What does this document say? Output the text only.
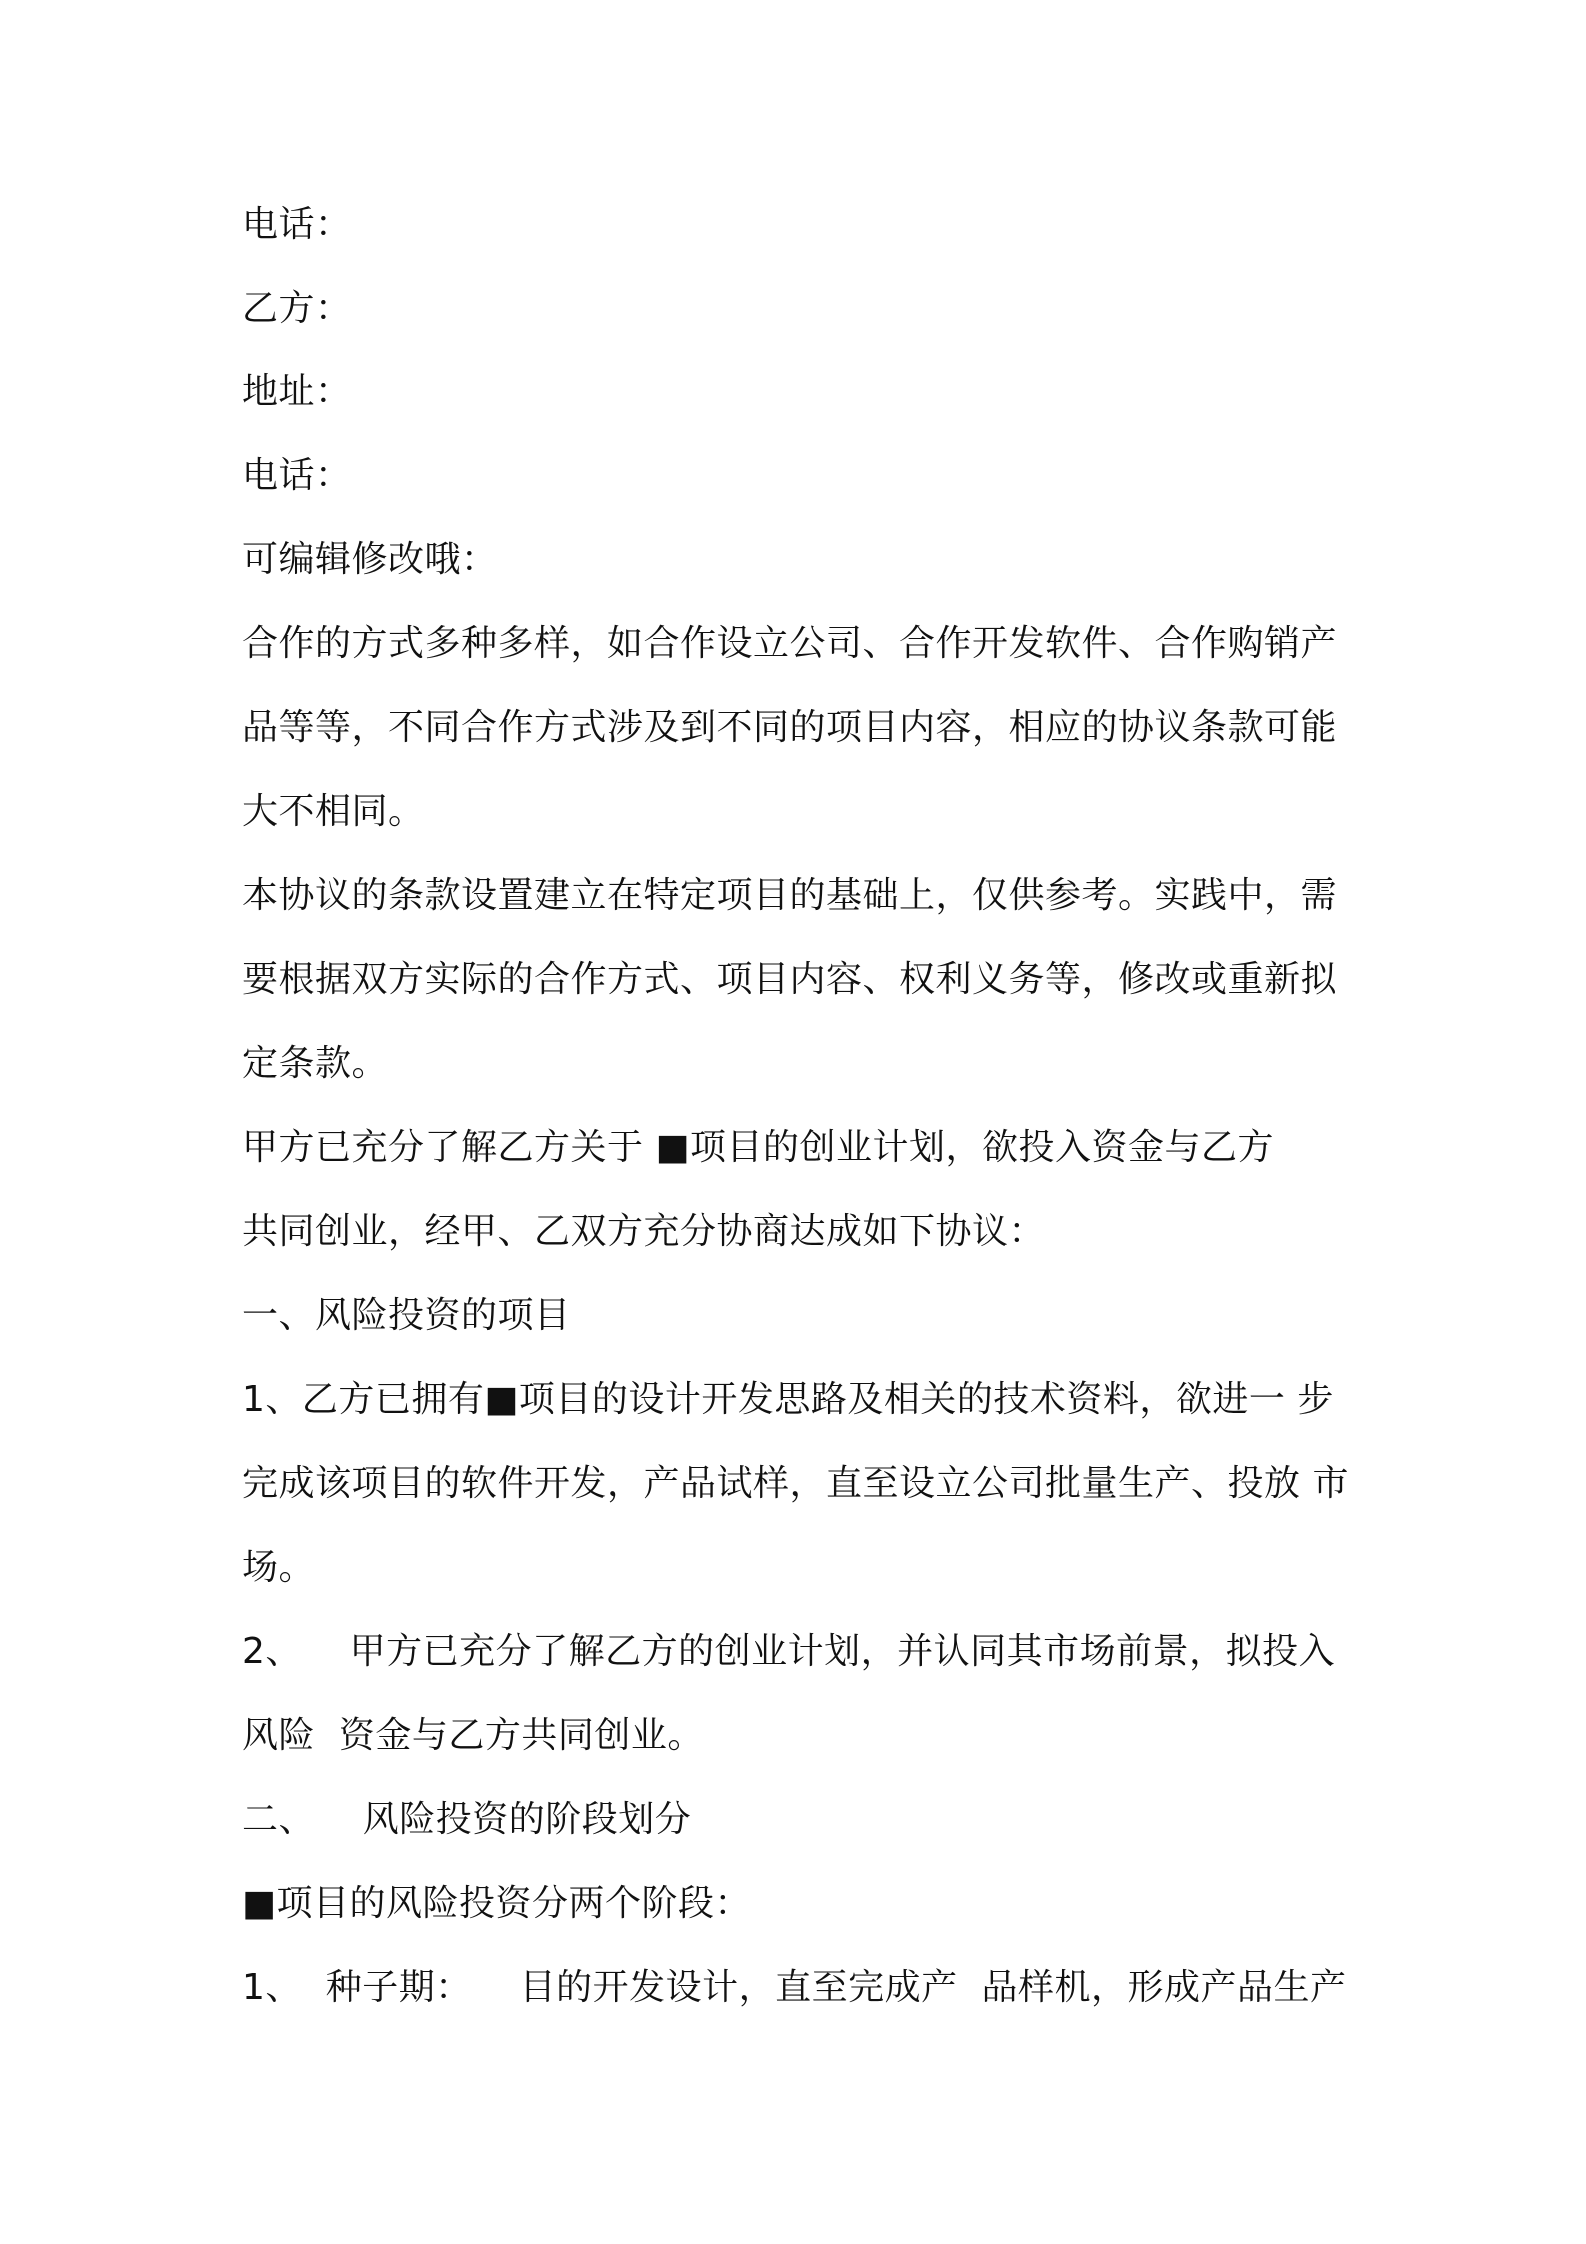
电话：
乙方：
地址：
电话：
可编辑修改哦：
合作的方式多种多样，如合作设立公司、合作开发软件、合作购销产
品等等，不同合作方式涉及到不同的项目内容，相应的协议条款可能
大不相同。
本协议的条款设置建立在特定项目的基础上，仅供参考。实践中，需
要根据双方实际的合作方式、项目内容、权利义务等，修改或重新拟
定条款。
甲方已充分了解乙方关于 ■项目的创业计划，欲投入资金与乙方
共同创业，经甲、乙双方充分协商达成如下协议：
一、风险投资的项目
1、乙方已拥有■项目的设计开发思路及相关的技术资料，欲进一 步
完成该项目的软件开发，产品试样，直至设立公司批量生产、投放 市
场。
2、    甲方已充分了解乙方的创业计划，并认同其市场前景，拟投入
风险  资金与乙方共同创业。
二、    风险投资的阶段划分
■项目的风险投资分两个阶段：
1、  种子期：    目的开发设计，直至完成产  品样机，形成产品生产
